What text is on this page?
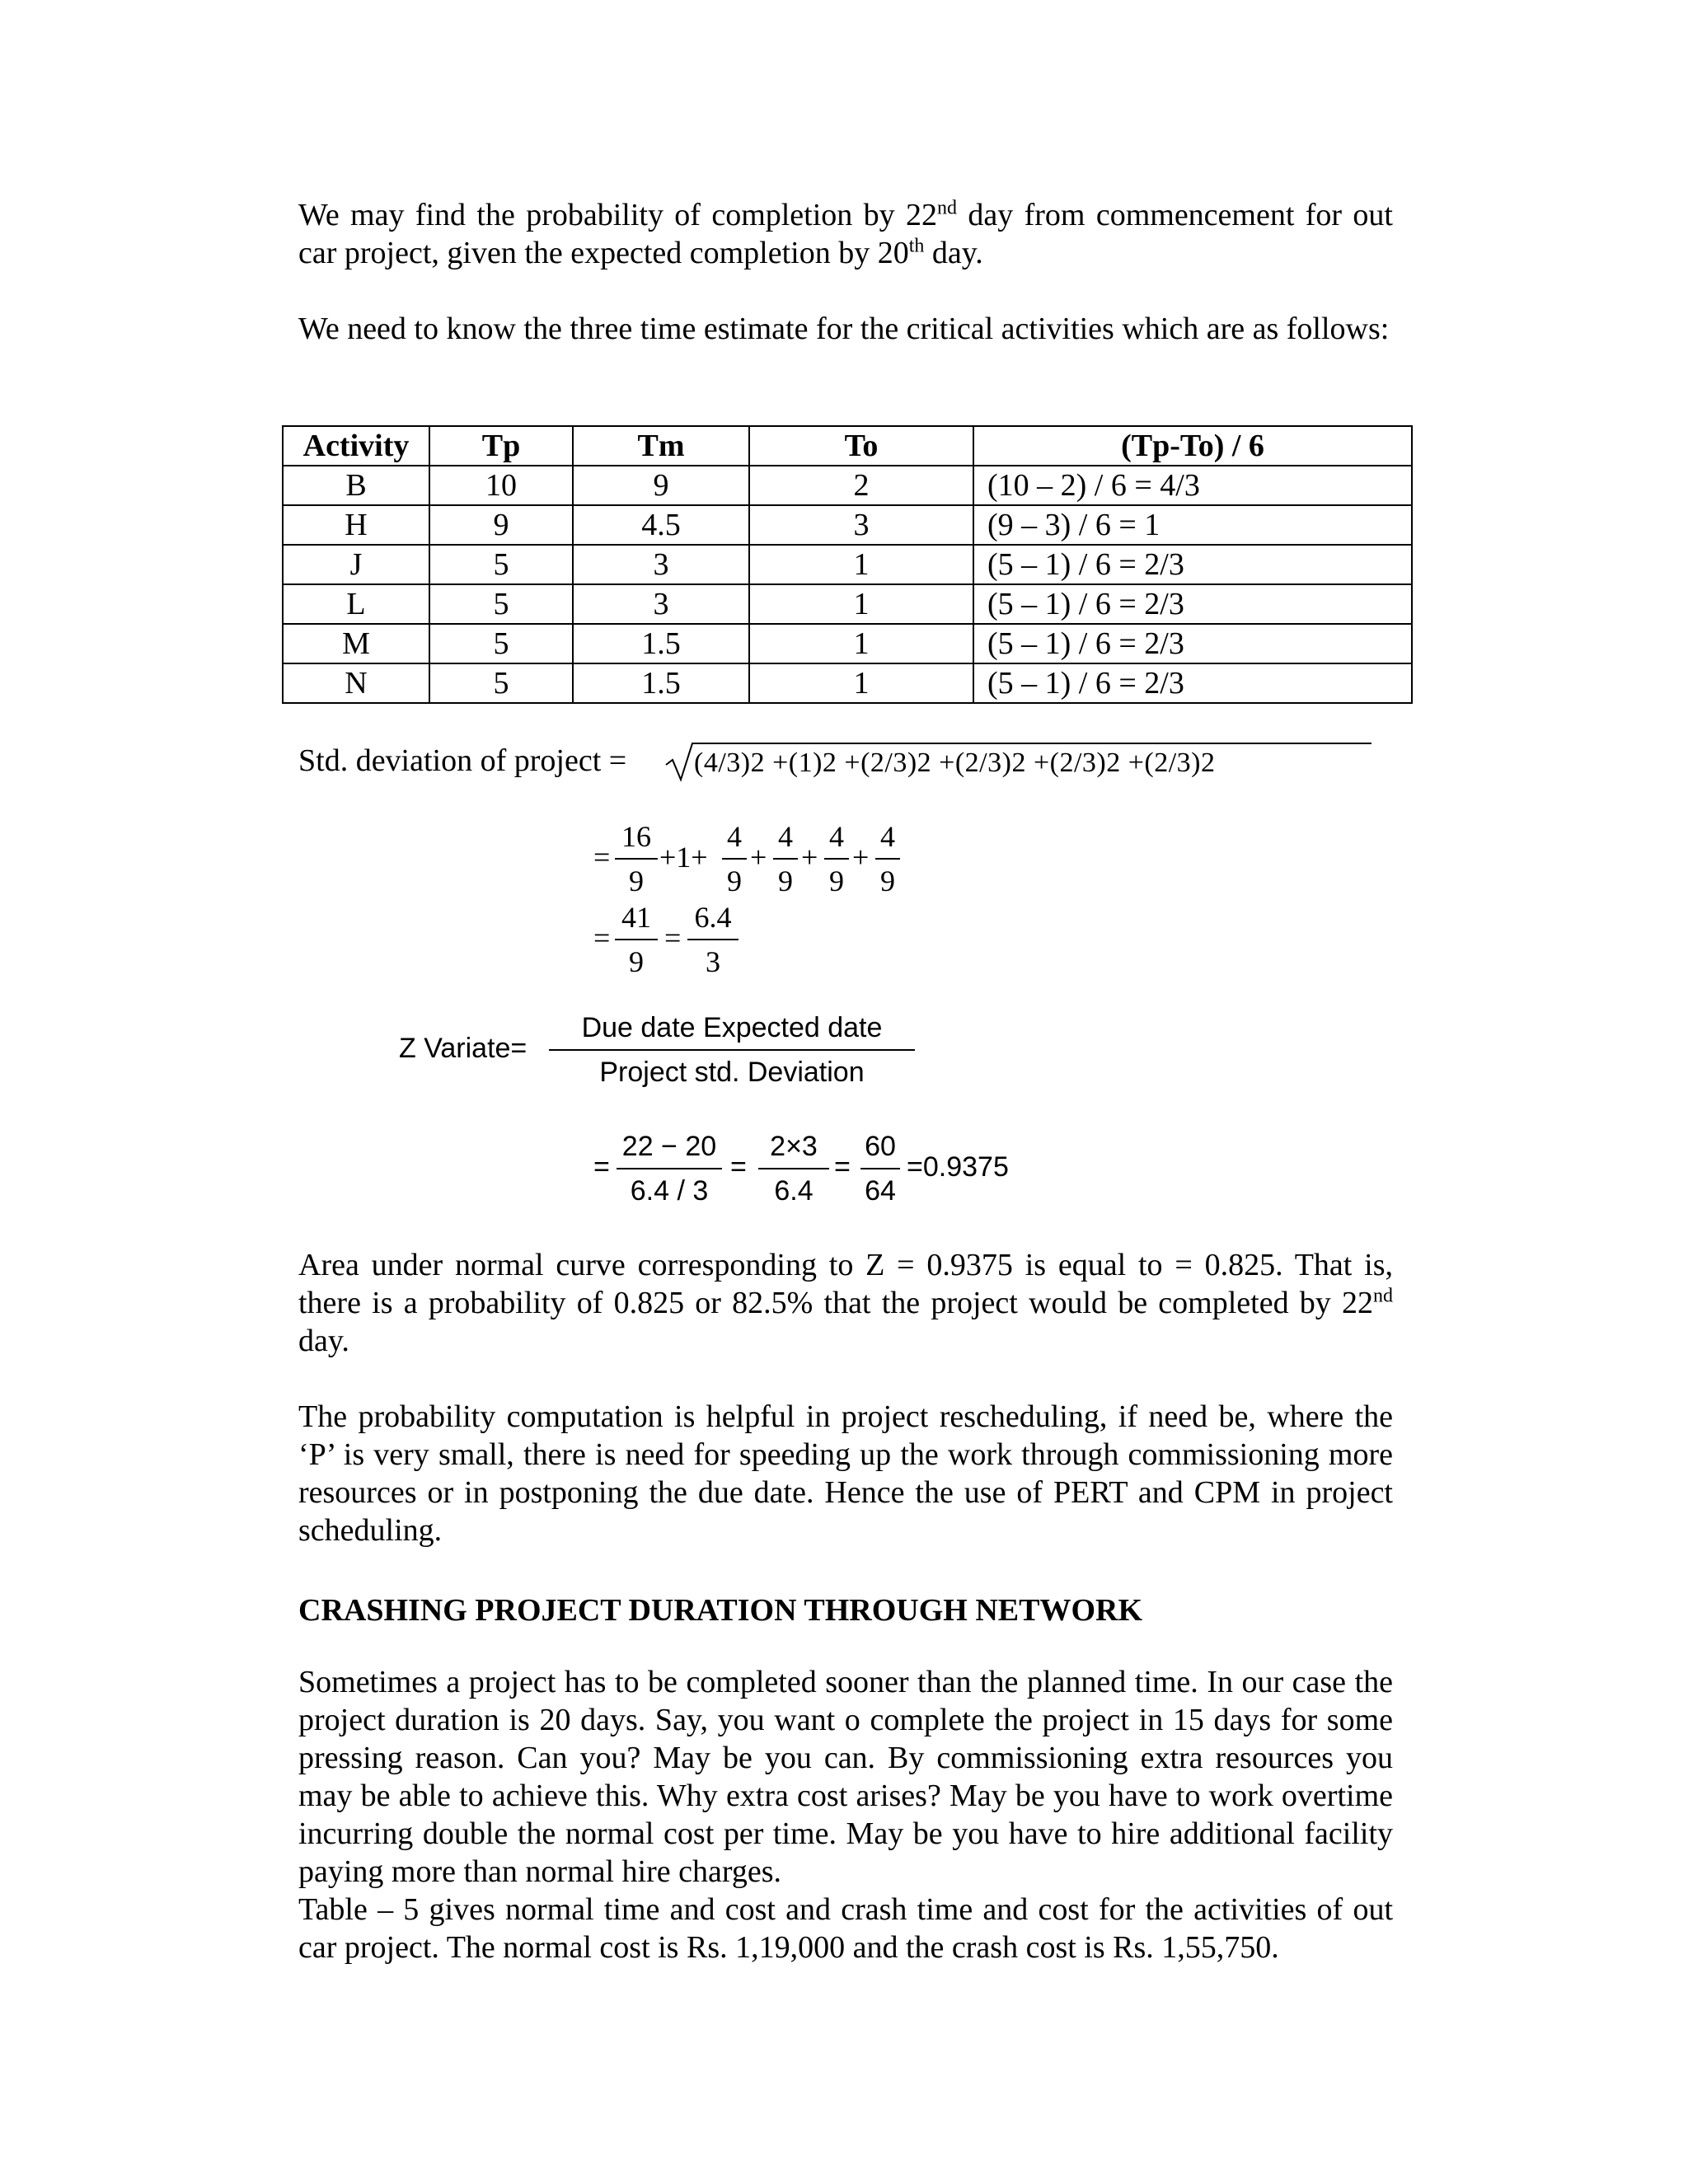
We may find the probability of completion by 22nd day from commencement for out car project, given the expected completion by 20th day.

We need to know the three time estimate for the critical activities which are as follows:

Activity	Tp	Tm	To	(Tp-To) / 6
B	10	9	2	(10 – 2) / 6 = 4/3
H	9	4.5	3	(9 – 3) / 6 = 1
J	5	3	1	(5 – 1) / 6 = 2/3
L	5	3	1	(5 – 1) / 6 = 2/3
M	5	1.5	1	(5 – 1) / 6 = 2/3
N	5	1.5	1	(5 – 1) / 6 = 2/3
Std. deviation of project = (4/3)2 +(1)2 +(2/3)2 +(2/3)2 +(2/3)2 +(2/3)2
=
16
9
+1+
4
9
+
4
9
+
4
9
+
4
9
=
41
9
=
6.4
3
Z Variate=
Due date Expected date
Project std. Deviation
=
22 − 20
6.4 / 3
=
2×3
6.4
=
60
64
=0.9375

Area under normal curve corresponding to Z = 0.9375 is equal to = 0.825. That is, there is a probability of 0.825 or 82.5% that the project would be completed by 22nd day.

The probability computation is helpful in project rescheduling, if need be, where the ‘P’ is very small, there is need for speeding up the work through commissioning more resources or in postponing the due date. Hence the use of PERT and CPM in project scheduling.

CRASHING PROJECT DURATION THROUGH NETWORK

Sometimes a project has to be completed sooner than the planned time. In our case the project duration is 20 days. Say, you want o complete the project in 15 days for some pressing reason. Can you? May be you can. By commissioning extra resources you may be able to achieve this. Why extra cost arises? May be you have to work overtime incurring double the normal cost per time. May be you have to hire additional facility paying more than normal hire charges.

Table – 5 gives normal time and cost and crash time and cost for the activities of out car project. The normal cost is Rs. 1,19,000 and the crash cost is Rs. 1,55,750.
